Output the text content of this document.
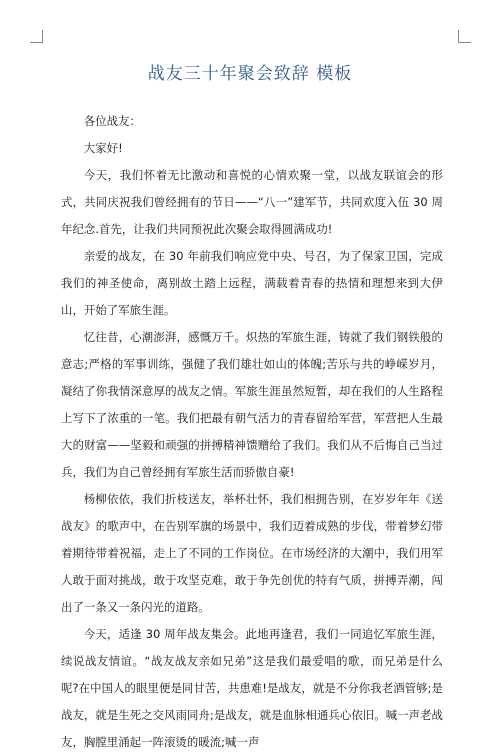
战友三十年聚会致辞 模板

各位战友：

大家好!

今天，我们怀着无比激动和喜悦的心情欢聚一堂，以战友联谊会的形式，共同庆祝我们曾经拥有的节日——“八一”建军节，共同欢度入伍 30 周年纪念.首先，让我们共同预祝此次聚会取得圆满成功!

亲爱的战友，在 30 年前我们响应党中央、号召，为了保家卫国，完成我们的神圣使命，离别故土踏上远程，满载着青春的热情和理想来到大伊山，开始了军旅生涯。

忆往昔，心潮澎湃，感慨万千。炽热的军旅生涯，铸就了我们钢铁般的意志;严格的军事训练，强健了我们雄壮如山的体魄;苦乐与共的峥嵘岁月，凝结了你我情深意厚的战友之情。军旅生涯虽然短暂，却在我们的人生路程上写下了浓重的一笔。我们把最有朝气活力的青春留给军营，军营把人生最大的财富——坚毅和顽强的拼搏精神馈赠给了我们。我们从不后悔自己当过兵，我们为自己曾经拥有军旅生活而骄傲自豪!

杨柳依依，我们折枝送友，举杯壮怀，我们相拥告别，在岁岁年年《送战友》的歌声中，在告别军旗的场景中，我们迈着成熟的步伐，带着梦幻带着期待带着祝福，走上了不同的工作岗位。在市场经济的大潮中，我们用军人敢于面对挑战，敢于攻坚克难，敢于争先创优的特有气质，拼搏弄潮，闯出了一条又一条闪光的道路。

今天，适逢 30 周年战友集会。此地再逢君，我们一同追忆军旅生涯，续说战友情谊。“战友战友亲如兄弟”这是我们最爱唱的歌，而兄弟是什么呢?在中国人的眼里便是同甘苦，共患难!是战友，就是不分你我老酒管够;是战友，就是生死之交风雨同舟;是战友，就是血脉相通兵心依旧。喊一声老战友，胸膛里涌起一阵滚烫的暖流;喊一声
